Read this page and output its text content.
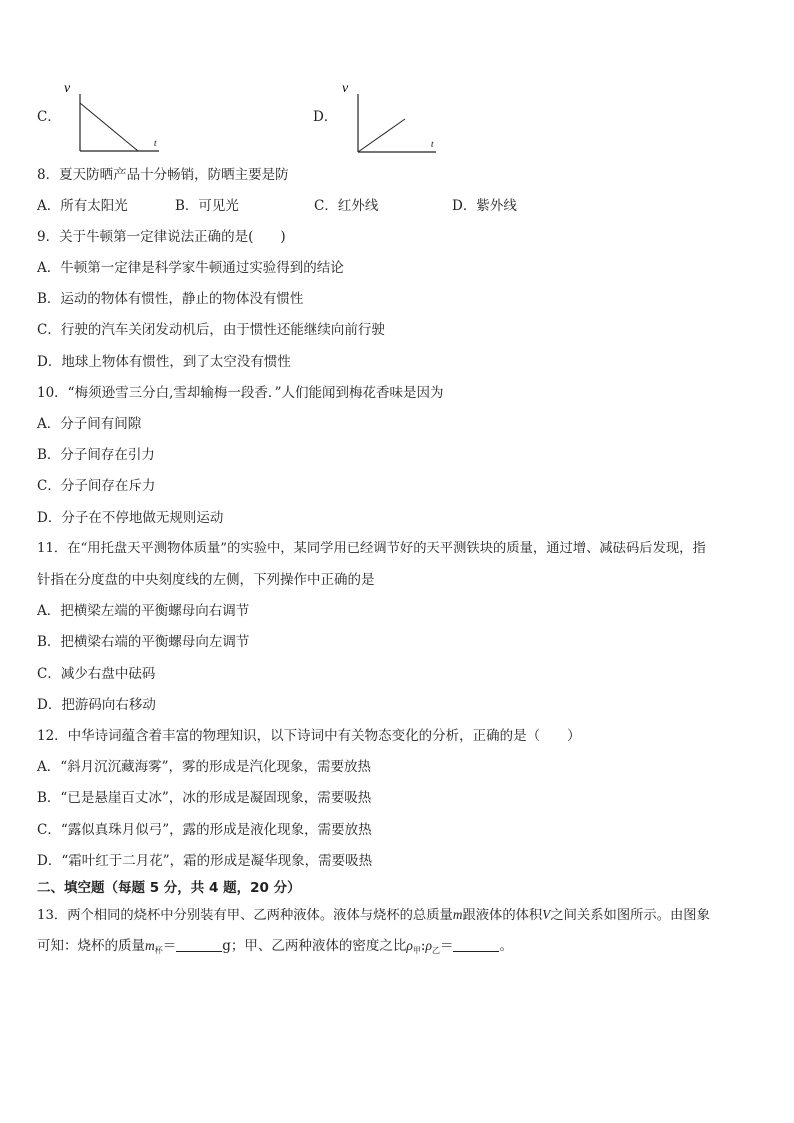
C．
v
t
D．
v
t
8．夏天防晒产品十分畅销，防晒主要是防
A．所有太阳光	B．可见光	C．红外线	D．紫外线
9．关于牛顿第一定律说法正确的是(　　)
A．牛顿第一定律是科学家牛顿通过实验得到的结论
B．运动的物体有惯性，静止的物体没有惯性
C．行驶的汽车关闭发动机后，由于惯性还能继续向前行驶
D．地球上物体有惯性，到了太空没有惯性
10．“梅须逊雪三分白,雪却输梅一段香．”人们能闻到梅花香味是因为
A．分子间有间隙
B．分子间存在引力
C．分子间存在斥力
D．分子在不停地做无规则运动
11．在“用托盘天平测物体质量”的实验中，某同学用已经调节好的天平测铁块的质量，通过增、减砝码后发现，指
针指在分度盘的中央刻度线的左侧，下列操作中正确的是
A．把横梁左端的平衡螺母向右调节
B．把横梁右端的平衡螺母向左调节
C．减少右盘中砝码
D．把游码向右移动
12．中华诗词蕴含着丰富的物理知识，以下诗词中有关物态变化的分析，正确的是（　　）
A．“斜月沉沉藏海雾”，雾的形成是汽化现象，需要放热
B．“已是悬崖百丈冰”，冰的形成是凝固现象，需要吸热
C．“露似真珠月似弓”，露的形成是液化现象，需要放热
D．“霜叶红于二月花”，霜的形成是凝华现象，需要吸热
二、填空题（每题 5 分，共 4 题，20 分）
13．两个相同的烧杯中分别装有甲、乙两种液体。液体与烧杯的总质量m跟液体的体积V之间关系如图所示。由图象
可知：烧杯的质量$m_杯=$	g；甲、乙两种液体的密度之比$\rho_甲:\rho_乙=$	。
